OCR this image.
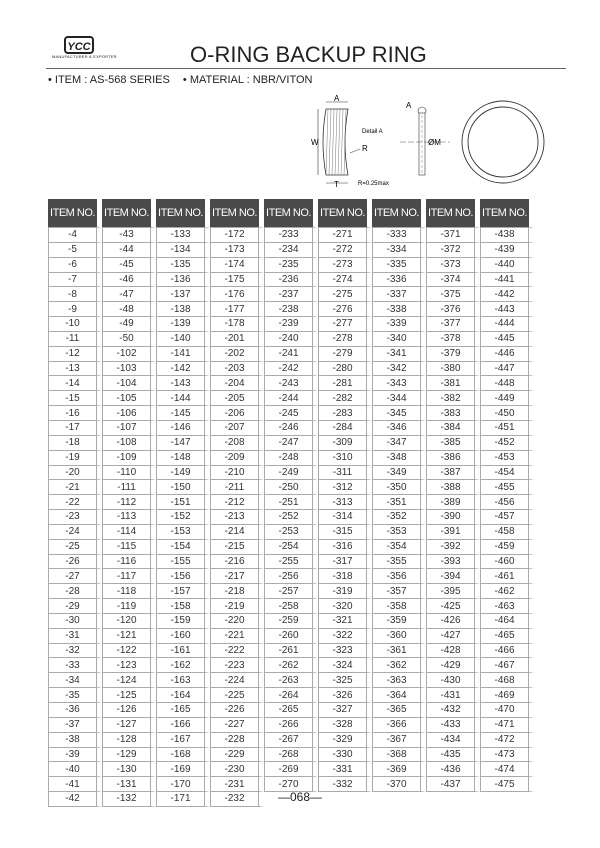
YCC
MANUFACTURER & EXPORTER	O-RING BACKUP RING
• ITEM : AS-568 SERIES • MATERIAL : NBR/VITON
A
W
T	R=0.25max
R
Detail A
A
ØM
ITEM NO.	ITEM NO.	ITEM NO.	ITEM NO.	ITEM NO.	ITEM NO.	ITEM NO.	ITEM NO.	ITEM NO.
-4	-43	-133	-172	-233	-271	-333	-371	-438
-5	-44	-134	-173	-234	-272	-334	-372	-439
-6	-45	-135	-174	-235	-273	-335	-373	-440
-7	-46	-136	-175	-236	-274	-336	-374	-441
-8	-47	-137	-176	-237	-275	-337	-375	-442
-9	-48	-138	-177	-238	-276	-338	-376	-443
-10	-49	-139	-178	-239	-277	-339	-377	-444
-11	-50	-140	-201	-240	-278	-340	-378	-445
-12	-102	-141	-202	-241	-279	-341	-379	-446
-13	-103	-142	-203	-242	-280	-342	-380	-447
-14	-104	-143	-204	-243	-281	-343	-381	-448
-15	-105	-144	-205	-244	-282	-344	-382	-449
-16	-106	-145	-206	-245	-283	-345	-383	-450
-17	-107	-146	-207	-246	-284	-346	-384	-451
-18	-108	-147	-208	-247	-309	-347	-385	-452
-19	-109	-148	-209	-248	-310	-348	-386	-453
-20	-110	-149	-210	-249	-311	-349	-387	-454
-21	-111	-150	-211	-250	-312	-350	-388	-455
-22	-112	-151	-212	-251	-313	-351	-389	-456
-23	-113	-152	-213	-252	-314	-352	-390	-457
-24	-114	-153	-214	-253	-315	-353	-391	-458
-25	-115	-154	-215	-254	-316	-354	-392	-459
-26	-116	-155	-216	-255	-317	-355	-393	-460
-27	-117	-156	-217	-256	-318	-356	-394	-461
-28	-118	-157	-218	-257	-319	-357	-395	-462
-29	-119	-158	-219	-258	-320	-358	-425	-463
-30	-120	-159	-220	-259	-321	-359	-426	-464
-31	-121	-160	-221	-260	-322	-360	-427	-465
-32	-122	-161	-222	-261	-323	-361	-428	-466
-33	-123	-162	-223	-262	-324	-362	-429	-467
-34	-124	-163	-224	-263	-325	-363	-430	-468
-35	-125	-164	-225	-264	-326	-364	-431	-469
-36	-126	-165	-226	-265	-327	-365	-432	-470
-37	-127	-166	-227	-266	-328	-366	-433	-471
-38	-128	-167	-228	-267	-329	-367	-434	-472
-39	-129	-168	-229	-268	-330	-368	-435	-473
-40	-130	-169	-230	-269	-331	-369	-436	-474
-41	-131	-170	-231	-270	-332	-370	-437	-475
-42	-132	-171	-232						—068—
